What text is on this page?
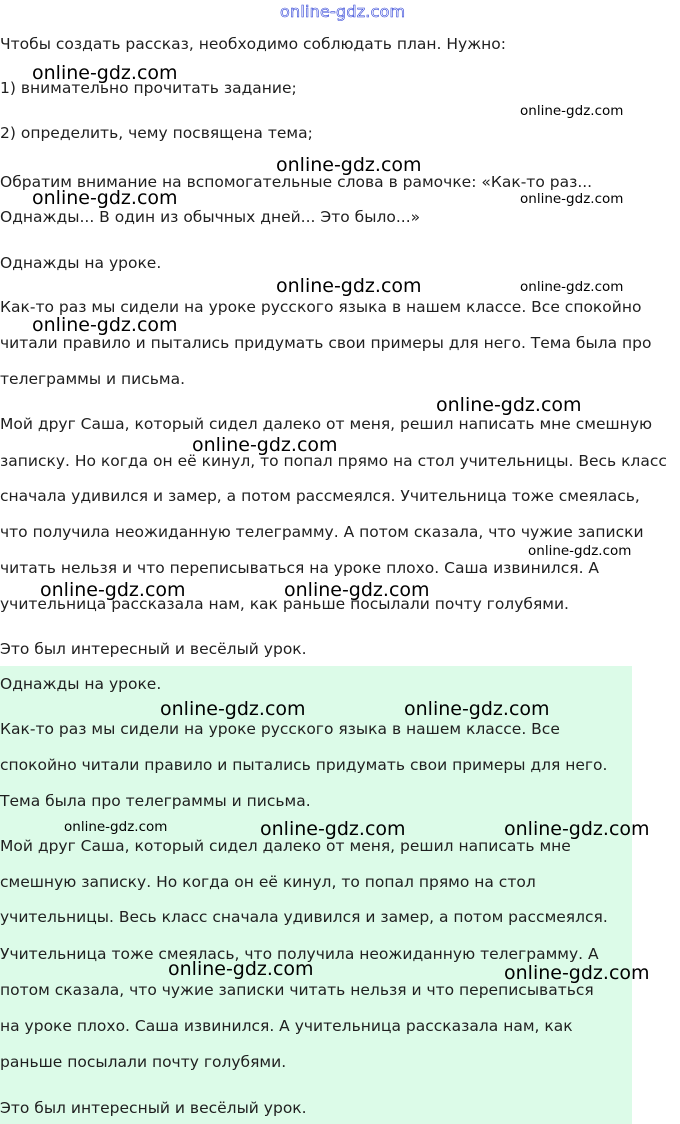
online-gdz.com
Чтобы создать рассказ, необходимо соблюдать план. Нужно:
1) внимательно прочитать задание;
2) определить, чему посвящена тема;
Обратим внимание на вспомогательные слова в рамочке: «Как-то раз...
Однажды... В один из обычных дней... Это было...»
Однажды на уроке.
Как-то раз мы сидели на уроке русского языка в нашем классе. Все спокойно
читали правило и пытались придумать свои примеры для него. Тема была про
телеграммы и письма.
Мой друг Саша, который сидел далеко от меня, решил написать мне смешную
записку. Но когда он её кинул, то попал прямо на стол учительницы. Весь класс
сначала удивился и замер, а потом рассмеялся. Учительница тоже смеялась,
что получила неожиданную телеграмму. А потом сказала, что чужие записки
читать нельзя и что переписываться на уроке плохо. Саша извинился. А
учительница рассказала нам, как раньше посылали почту голубями.
Это был интересный и весёлый урок.
Однажды на уроке.
Как-то раз мы сидели на уроке русского языка в нашем классе. Все
спокойно читали правило и пытались придумать свои примеры для него.
Тема была про телеграммы и письма.
Мой друг Саша, который сидел далеко от меня, решил написать мне
смешную записку. Но когда он её кинул, то попал прямо на стол
учительницы. Весь класс сначала удивился и замер, а потом рассмеялся.
Учительница тоже смеялась, что получила неожиданную телеграмму. А
потом сказала, что чужие записки читать нельзя и что переписываться
на уроке плохо. Саша извинился. А учительница рассказала нам, как
раньше посылали почту голубями.
Это был интересный и весёлый урок.
online-gdz.com
online-gdz.com
online-gdz.com
online-gdz.com	online-gdz.com
online-gdz.com	online-gdz.com
online-gdz.com
online-gdz.com
online-gdz.com
online-gdz.com
online-gdz.com	online-gdz.com
online-gdz.com	online-gdz.com
online-gdz.com	online-gdz.com	online-gdz.com
online-gdz.com	online-gdz.com
